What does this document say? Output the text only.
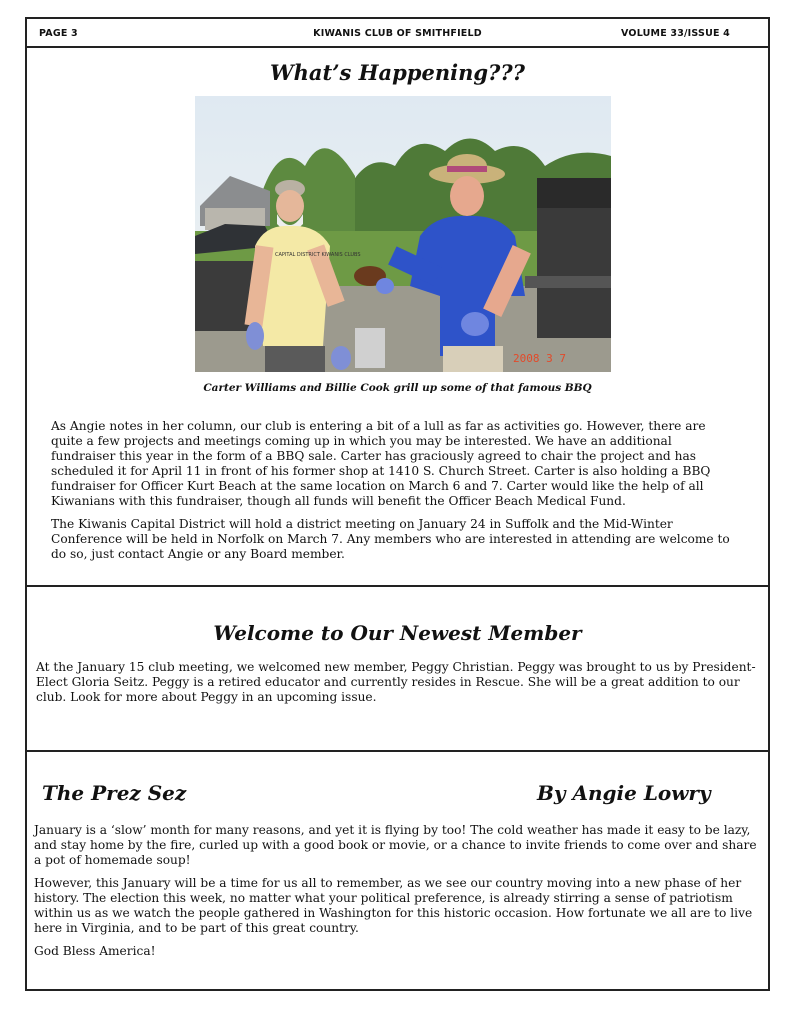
PAGE 3	KIWANIS CLUB OF SMITHFIELD	VOLUME 33/ISSUE 4
What’s Happening???
CAPITAL DISTRICT KIWANIS CLUBS
2008 3 7

Carter Williams and Billie Cook grill up some of that famous BBQ

As Angie notes in her column, our club is entering a bit of a lull as far as activities go. However, there are quite a few projects and meetings coming up in which you may be interested. We have an additional fundraiser this year in the form of a BBQ sale. Carter has graciously agreed to chair the project and has scheduled it for April 11 in front of his former shop at 1410 S. Church Street. Carter is also holding a BBQ fundraiser for Officer Kurt Beach at the same location on March 6 and 7. Carter would like the help of all Kiwanians with this fundraiser, though all funds will benefit the Officer Beach Medical Fund.

The Kiwanis Capital District will hold a district meeting on January 24 in Suffolk and the Mid-Winter Conference will be held in Norfolk on March 7. Any members who are interested in attending are welcome to do so, just contact Angie or any Board member.

Welcome to Our Newest Member

At the January 15 club meeting, we welcomed new member, Peggy Christian. Peggy was brought to us by President-Elect Gloria Seitz. Peggy is a retired educator and currently resides in Rescue. She will be a great addition to our club. Look for more about Peggy in an upcoming issue.

The Prez Sez	By Angie Lowry

January is a ‘slow’ month for many reasons, and yet it is flying by too! The cold weather has made it easy to be lazy, and stay home by the fire, curled up with a good book or movie, or a chance to invite friends to come over and share a pot of homemade soup!

However, this January will be a time for us all to remember, as we see our country moving into a new phase of her history. The election this week, no matter what your political preference, is already stirring a sense of patriotism within us as we watch the people gathered in Washington for this historic occasion. How fortunate we all are to live here in Virginia, and to be part of this great country.

God Bless America!
